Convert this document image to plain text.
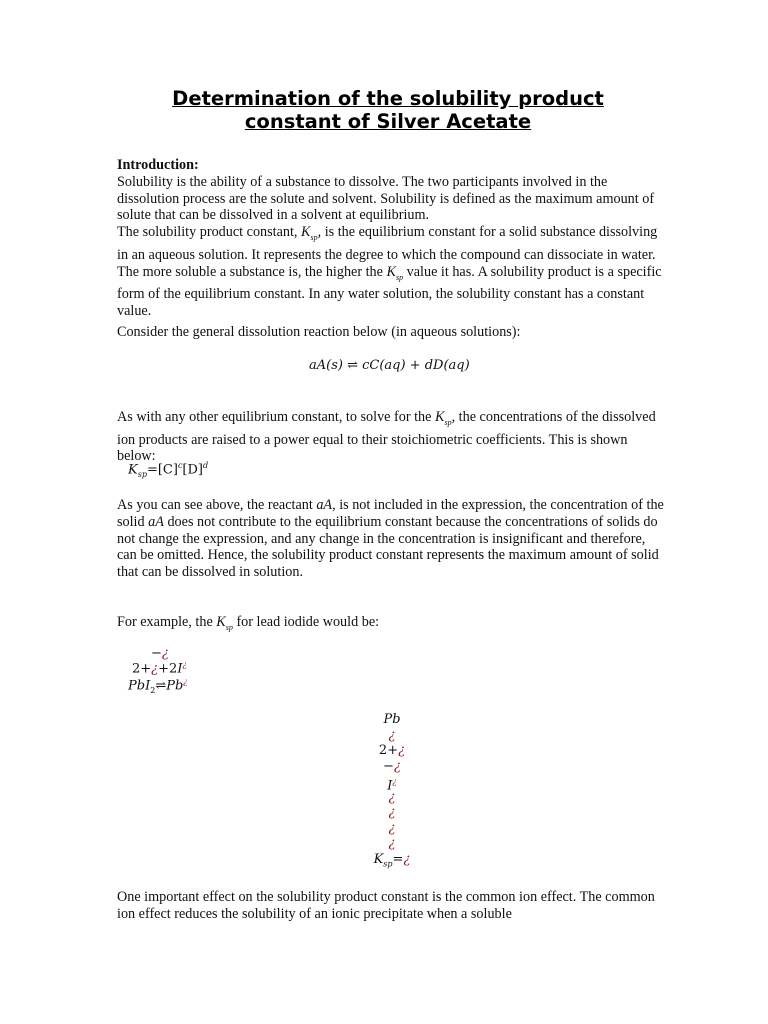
Determination of the solubility product
constant of Silver Acetate

Introduction:

Solubility is the ability of a substance to dissolve. The two participants involved in the dissolution process are the solute and solvent. Solubility is defined as the maximum amount of solute that can be dissolved in a solvent at equilibrium.

The solubility product constant, $K_{sp}$, is the equilibrium constant for a solid substance dissolving in an aqueous solution. It represents the degree to which the compound can dissociate in water. The more soluble a substance is, the higher the $K_{sp}$ value it has. A solubility product is a specific form of the equilibrium constant. In any water solution, the solubility constant has a constant value.

Consider the general dissolution reaction below (in aqueous solutions):
aA(s) ⇌ cC(aq) + dD(aq)

As with any other equilibrium constant, to solve for the $K_{sp}$, the concentrations of the dissolved ion products are raised to a power equal to their stoichiometric coefficients. This is shown below:

$K_{sp}=[C]^c[D]^d$

As you can see above, the reactant aA, is not included in the expression, the concentration of the solid aA does not contribute to the equilibrium constant because the concentrations of solids do not change the expression, and any change in the concentration is insignificant and therefore, can be omitted. Hence, the solubility product constant represents the maximum amount of solid that can be dissolved in solution.

For example, the $K_{sp}$ for lead iodide would be:

−¿
2+¿+2I¿
PbI$_2$⇌Pb¿
Pb
¿
2+¿
−¿
I¿
¿
¿
¿
¿
$K_{sp}=¿$
One important effect on the solubility product constant is the common ion effect. The common ion effect reduces the solubility of an ionic precipitate when a soluble
